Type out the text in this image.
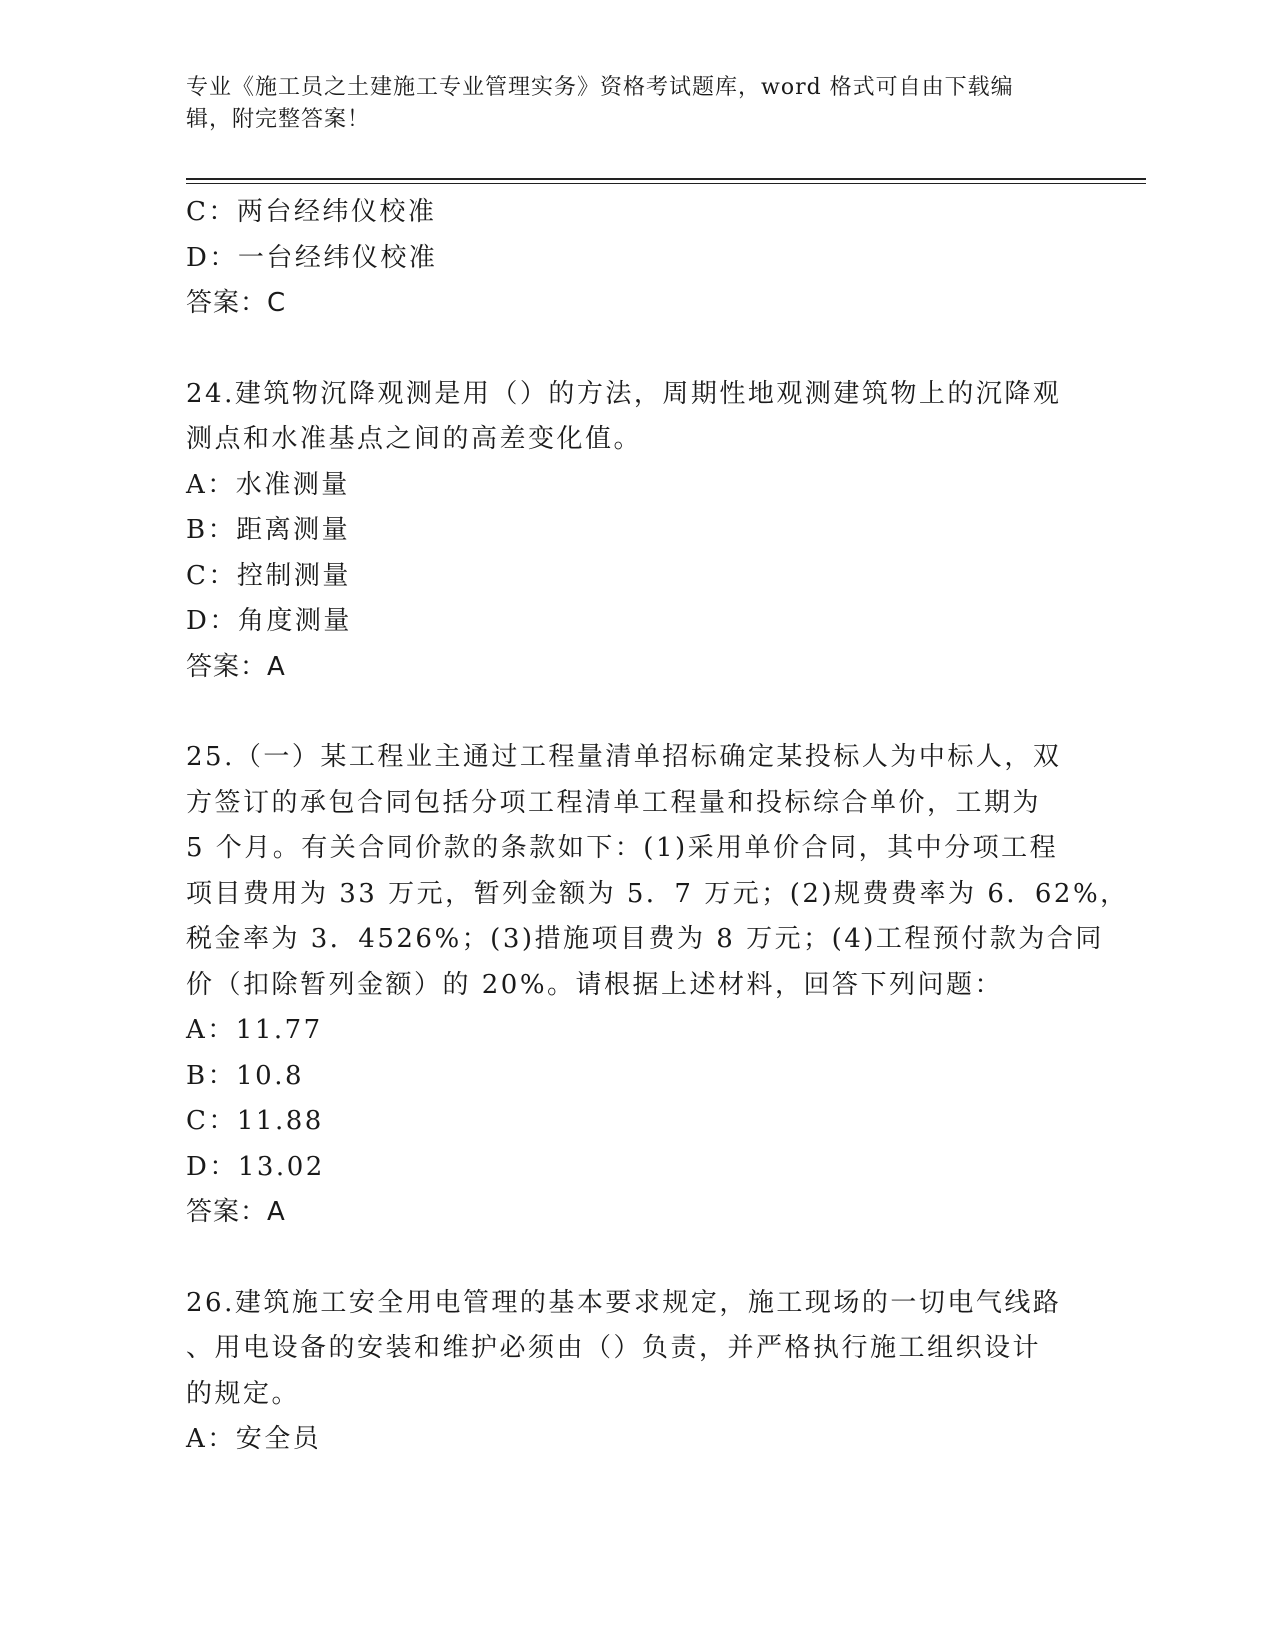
专业《施工员之土建施工专业管理实务》资格考试题库，word 格式可自由下载编
辑，附完整答案！
C：两台经纬仪校准
D：一台经纬仪校准
答案：C
24.建筑物沉降观测是用（）的方法，周期性地观测建筑物上的沉降观
测点和水准基点之间的高差变化值。
A：水准测量
B：距离测量
C：控制测量
D：角度测量
答案：A
25.（一）某工程业主通过工程量清单招标确定某投标人为中标人，双
方签订的承包合同包括分项工程清单工程量和投标综合单价，工期为
5 个月。有关合同价款的条款如下：(1)采用单价合同，其中分项工程
项目费用为 33 万元，暂列金额为 5．7 万元；(2)规费费率为 6．62%，
税金率为 3．4526%；(3)措施项目费为 8 万元；(4)工程预付款为合同
价（扣除暂列金额）的 20%。请根据上述材料，回答下列问题：
A：11.77
B：10.8
C：11.88
D：13.02
答案：A
26.建筑施工安全用电管理的基本要求规定，施工现场的一切电气线路
、用电设备的安装和维护必须由（）负责，并严格执行施工组织设计
的规定。
A：安全员
